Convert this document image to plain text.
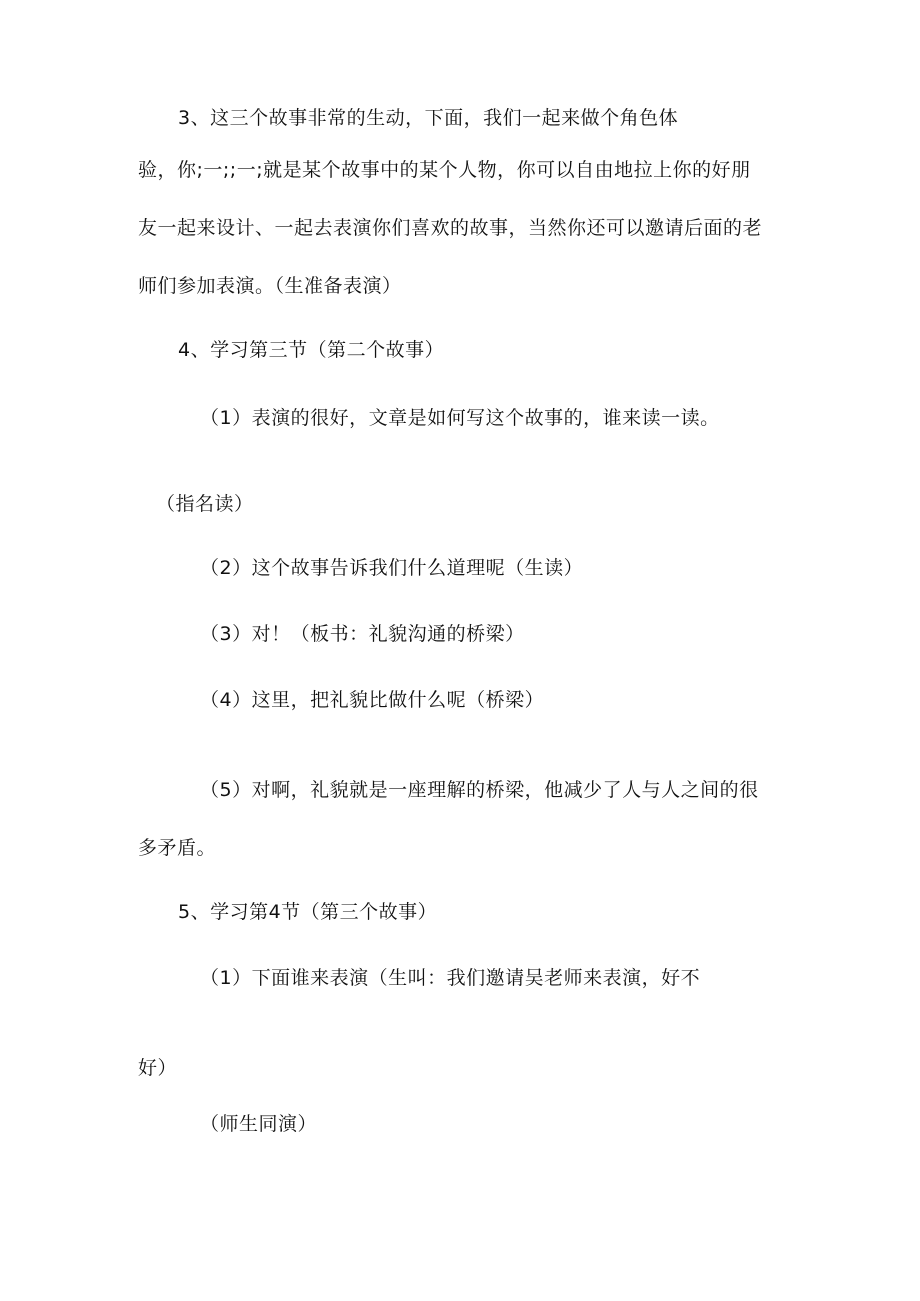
3、这三个故事非常的生动，下面，我们一起来做个角色体
验，你;一;;一;就是某个故事中的某个人物，你可以自由地拉上你的好朋
友一起来设计、一起去表演你们喜欢的故事，当然你还可以邀请后面的老
师们参加表演。（生准备表演）
4、学习第三节（第二个故事）
（1）表演的很好，文章是如何写这个故事的，谁来读一读。
（指名读）
（2）这个故事告诉我们什么道理呢（生读）
（3）对！（板书：礼貌沟通的桥梁）
（4）这里，把礼貌比做什么呢（桥梁）
（5）对啊，礼貌就是一座理解的桥梁，他减少了人与人之间的很
多矛盾。
5、学习第4节（第三个故事）
（1）下面谁来表演（生叫：我们邀请吴老师来表演，好不
好）
（师生同演）
